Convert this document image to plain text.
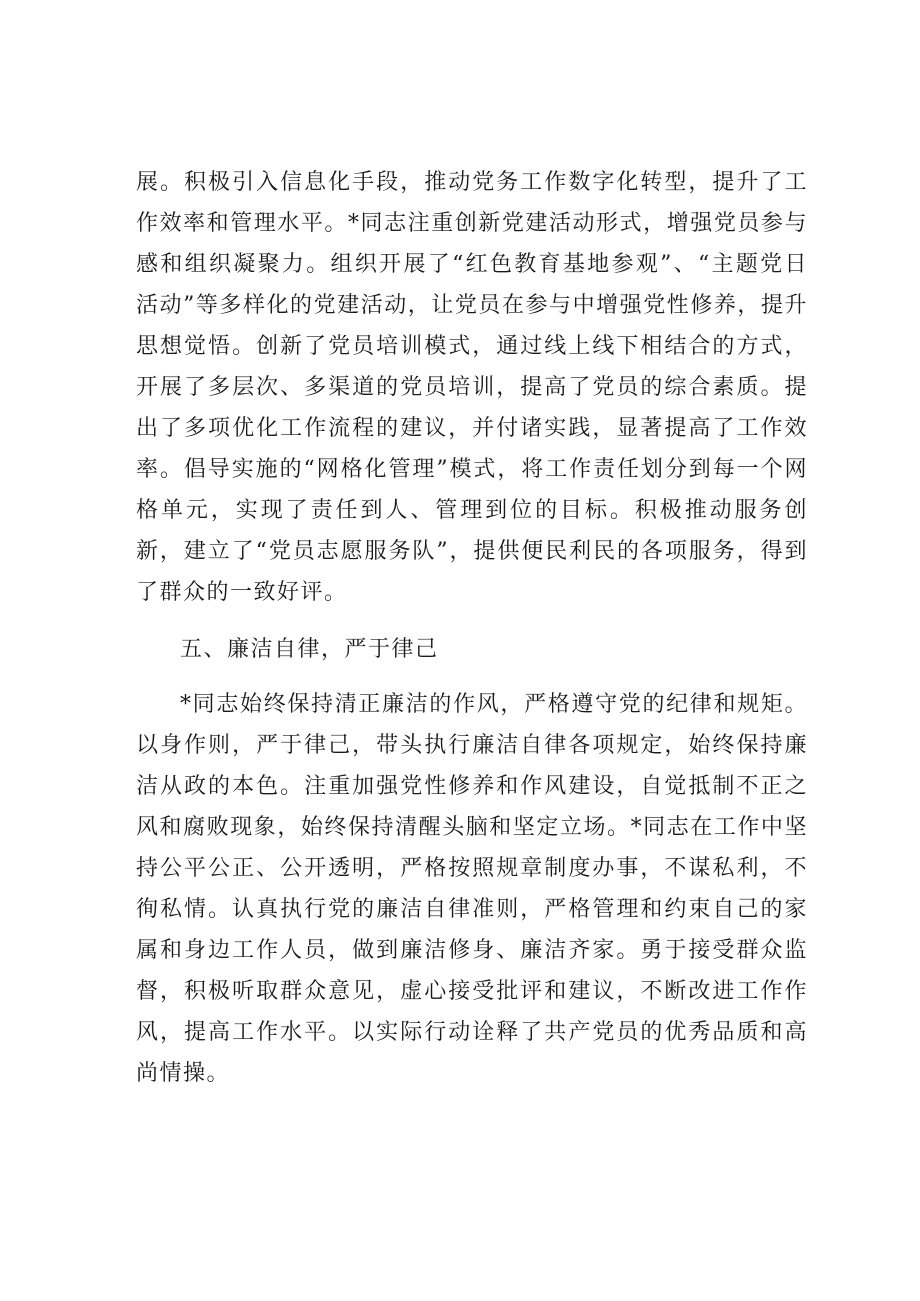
展。积极引入信息化手段，推动党务工作数字化转型，提升了工作效率和管理水平。*同志注重创新党建活动形式，增强党员参与感和组织凝聚力。组织开展了“红色教育基地参观”、“主题党日活动”等多样化的党建活动，让党员在参与中增强党性修养，提升思想觉悟。创新了党员培训模式，通过线上线下相结合的方式，开展了多层次、多渠道的党员培训，提高了党员的综合素质。提出了多项优化工作流程的建议，并付诸实践，显著提高了工作效率。倡导实施的“网格化管理”模式，将工作责任划分到每一个网格单元，实现了责任到人、管理到位的目标。积极推动服务创新，建立了“党员志愿服务队”，提供便民利民的各项服务，得到了群众的一致好评。

五、廉洁自律，严于律己

*同志始终保持清正廉洁的作风，严格遵守党的纪律和规矩。以身作则，严于律己，带头执行廉洁自律各项规定，始终保持廉洁从政的本色。注重加强党性修养和作风建设，自觉抵制不正之风和腐败现象，始终保持清醒头脑和坚定立场。*同志在工作中坚持公平公正、公开透明，严格按照规章制度办事，不谋私利，不徇私情。认真执行党的廉洁自律准则，严格管理和约束自己的家属和身边工作人员，做到廉洁修身、廉洁齐家。勇于接受群众监督，积极听取群众意见，虚心接受批评和建议，不断改进工作作风，提高工作水平。以实际行动诠释了共产党员的优秀品质和高尚情操。
